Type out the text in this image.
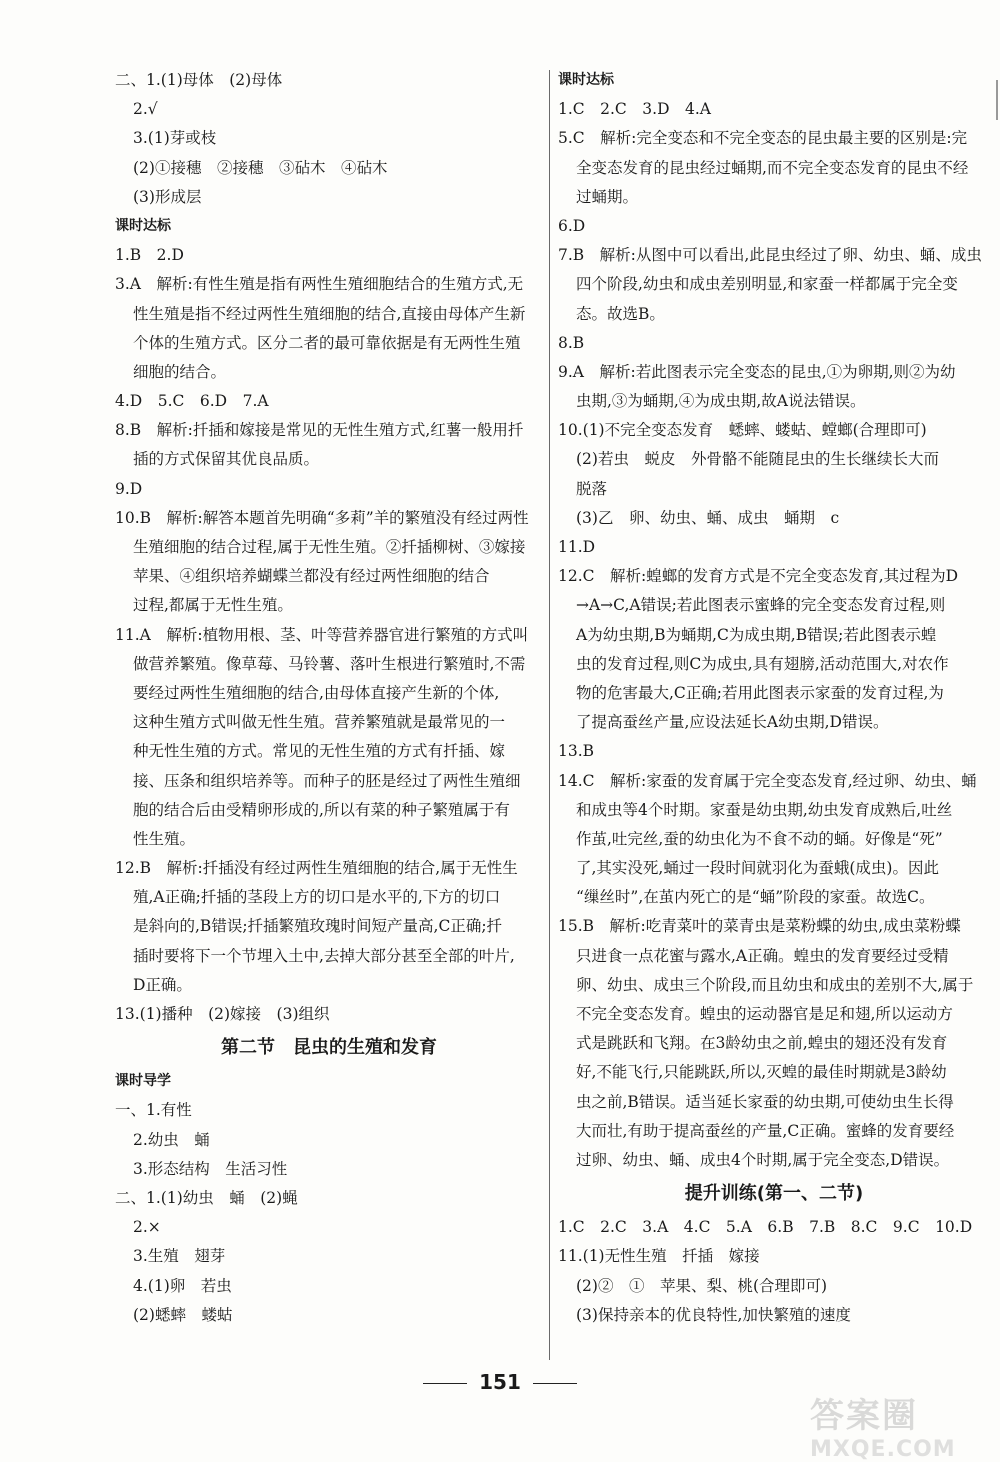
二、1.(1)母体　(2)母体
2.√
3.(1)芽或枝
(2)①接穗　②接穗　③砧木　④砧木
(3)形成层
课时达标
1.B　2.D
3.A　解析:有性生殖是指有两性生殖细胞结合的生殖方式,无
性生殖是指不经过两性生殖细胞的结合,直接由母体产生新
个体的生殖方式。区分二者的最可靠依据是有无两性生殖
细胞的结合。
4.D　5.C　6.D　7.A
8.B　解析:扦插和嫁接是常见的无性生殖方式,红薯一般用扦
插的方式保留其优良品质。
9.D
10.B　解析:解答本题首先明确“多莉”羊的繁殖没有经过两性
生殖细胞的结合过程,属于无性生殖。②扦插柳树、③嫁接
苹果、④组织培养蝴蝶兰都没有经过两性细胞的结合
过程,都属于无性生殖。
11.A　解析:植物用根、茎、叶等营养器官进行繁殖的方式叫
做营养繁殖。像草莓、马铃薯、落叶生根进行繁殖时,不需
要经过两性生殖细胞的结合,由母体直接产生新的个体,
这种生殖方式叫做无性生殖。营养繁殖就是最常见的一
种无性生殖的方式。常见的无性生殖的方式有扦插、嫁
接、压条和组织培养等。而种子的胚是经过了两性生殖细
胞的结合后由受精卵形成的,所以有菜的种子繁殖属于有
性生殖。
12.B　解析:扦插没有经过两性生殖细胞的结合,属于无性生
殖,A正确;扦插的茎段上方的切口是水平的,下方的切口
是斜向的,B错误;扦插繁殖玫瑰时间短产量高,C正确;扦
插时要将下一个节埋入土中,去掉大部分甚至全部的叶片,
D正确。
13.(1)播种　(2)嫁接　(3)组织
第二节　昆虫的生殖和发育
课时导学
一、1.有性
2.幼虫　蛹
3.形态结构　生活习性
二、1.(1)幼虫　蛹　(2)蝇
2.×
3.生殖　翅芽
4.(1)卵　若虫
(2)蟋蟀　蝼蛄
课时达标
1.C　2.C　3.D　4.A
5.C　解析:完全变态和不完全变态的昆虫最主要的区别是:完
全变态发育的昆虫经过蛹期,而不完全变态发育的昆虫不经
过蛹期。
6.D
7.B　解析:从图中可以看出,此昆虫经过了卵、幼虫、蛹、成虫
四个阶段,幼虫和成虫差别明显,和家蚕一样都属于完全变
态。故选B。
8.B
9.A　解析:若此图表示完全变态的昆虫,①为卵期,则②为幼
虫期,③为蛹期,④为成虫期,故A说法错误。
10.(1)不完全变态发育　蟋蟀、蝼蛄、螳螂(合理即可)
(2)若虫　蜕皮　外骨骼不能随昆虫的生长继续长大而
脱落
(3)乙　卵、幼虫、蛹、成虫　蛹期　c
11.D
12.C　解析:蝗螂的发育方式是不完全变态发育,其过程为D
→A→C,A错误;若此图表示蜜蜂的完全变态发育过程,则
A为幼虫期,B为蛹期,C为成虫期,B错误;若此图表示蝗
虫的发育过程,则C为成虫,具有翅膀,活动范围大,对农作
物的危害最大,C正确;若用此图表示家蚕的发育过程,为
了提高蚕丝产量,应设法延长A幼虫期,D错误。
13.B
14.C　解析:家蚕的发育属于完全变态发育,经过卵、幼虫、蛹
和成虫等4个时期。家蚕是幼虫期,幼虫发育成熟后,吐丝
作茧,吐完丝,蚕的幼虫化为不食不动的蛹。好像是“死”
了,其实没死,蛹过一段时间就羽化为蚕蛾(成虫)。因此
“缫丝时”,在茧内死亡的是“蛹”阶段的家蚕。故选C。
15.B　解析:吃青菜叶的菜青虫是菜粉蝶的幼虫,成虫菜粉蝶
只进食一点花蜜与露水,A正确。蝗虫的发育要经过受精
卵、幼虫、成虫三个阶段,而且幼虫和成虫的差别不大,属于
不完全变态发育。蝗虫的运动器官是足和翅,所以运动方
式是跳跃和飞翔。在3龄幼虫之前,蝗虫的翅还没有发育
好,不能飞行,只能跳跃,所以,灭蝗的最佳时期就是3龄幼
虫之前,B错误。适当延长家蚕的幼虫期,可使幼虫生长得
大而壮,有助于提高蚕丝的产量,C正确。蜜蜂的发育要经
过卵、幼虫、蛹、成虫4个时期,属于完全变态,D错误。
提升训练(第一、二节)
1.C　2.C　3.A　4.C　5.A　6.B　7.B　8.C　9.C　10.D
11.(1)无性生殖　扦插　嫁接
(2)②　①　苹果、梨、桃(合理即可)
(3)保持亲本的优良特性,加快繁殖的速度
151
答案圈
MXQE.COM
